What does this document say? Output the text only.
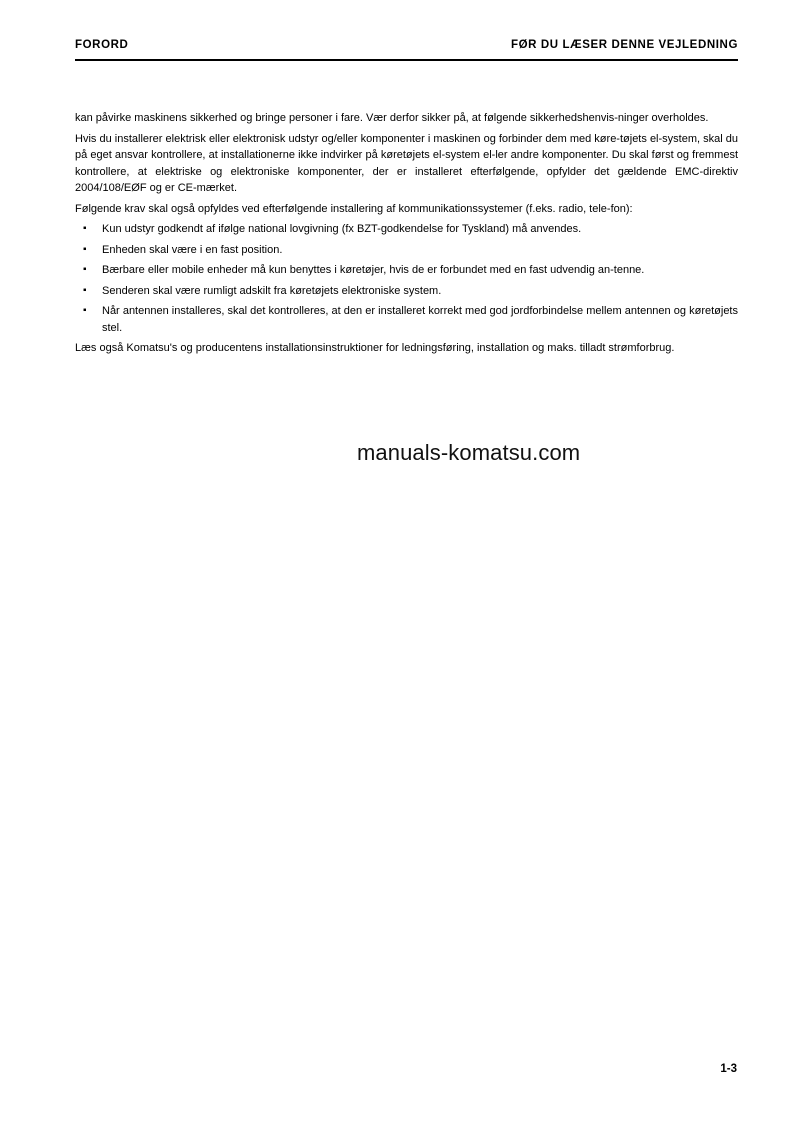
FORORD	FØR DU LÆSER DENNE VEJLEDNING

kan påvirke maskinens sikkerhed og bringe personer i fare. Vær derfor sikker på, at følgende sikkerhedshenvis-ninger overholdes.

Hvis du installerer elektrisk eller elektronisk udstyr og/eller komponenter i maskinen og forbinder dem med køre-tøjets el-system, skal du på eget ansvar kontrollere, at installationerne ikke indvirker på køretøjets el-system el-ler andre komponenter. Du skal først og fremmest kontrollere, at elektriske og elektroniske komponenter, der er installeret efterfølgende, opfylder det gældende EMC-direktiv 2004/108/EØF og er CE-mærket.

Følgende krav skal også opfyldes ved efterfølgende installering af kommunikationssystemer (f.eks. radio, tele-fon):

▪ Kun udstyr godkendt af ifølge national lovgivning (fx BZT-godkendelse for Tyskland) må anvendes.
▪ Enheden skal være i en fast position.
▪ Bærbare eller mobile enheder må kun benyttes i køretøjer, hvis de er forbundet med en fast udvendig an-tenne.
▪ Senderen skal være rumligt adskilt fra køretøjets elektroniske system.
▪ Når antennen installeres, skal det kontrolleres, at den er installeret korrekt med god jordforbindelse mellem antennen og køretøjets stel.

Læs også Komatsu's og producentens installationsinstruktioner for ledningsføring, installation og maks. tilladt strømforbrug.

manuals-komatsu.com
1-3
